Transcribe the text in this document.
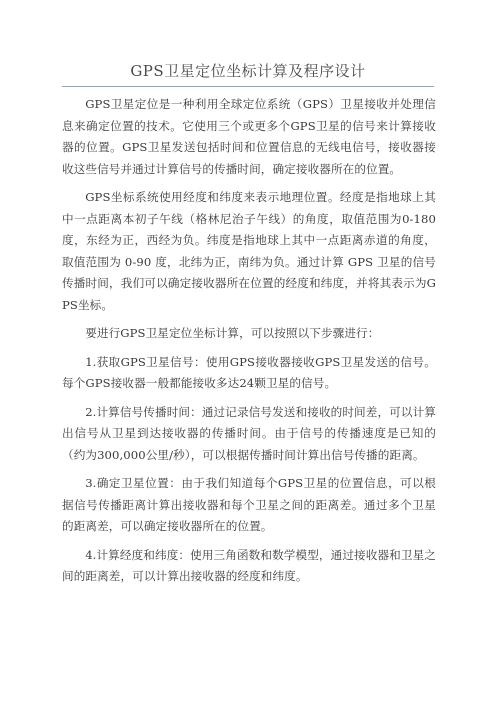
GPS卫星定位坐标计算及程序设计

GPS卫星定位是一种利用全球定位系统（GPS）卫星接收并处理信息来确定位置的技术。它使用三个或更多个GPS卫星的信号来计算接收器的位置。GPS卫星发送包括时间和位置信息的无线电信号，接收器接收这些信号并通过计算信号的传播时间，确定接收器所在的位置。

GPS坐标系统使用经度和纬度来表示地理位置。经度是指地球上其中一点距离本初子午线（格林尼治子午线）的角度，取值范围为0-180度，东经为正，西经为负。纬度是指地球上其中一点距离赤道的角度，取值范围为 0-90 度，北纬为正，南纬为负。通过计算 GPS 卫星的信号传播时间，我们可以确定接收器所在位置的经度和纬度，并将其表示为GPS坐标。

要进行GPS卫星定位坐标计算，可以按照以下步骤进行：

1.获取GPS卫星信号：使用GPS接收器接收GPS卫星发送的信号。每个GPS接收器一般都能接收多达24颗卫星的信号。

2.计算信号传播时间：通过记录信号发送和接收的时间差，可以计算出信号从卫星到达接收器的传播时间。由于信号的传播速度是已知的（约为300,000公里/秒），可以根据传播时间计算出信号传播的距离。

3.确定卫星位置：由于我们知道每个GPS卫星的位置信息，可以根据信号传播距离计算出接收器和每个卫星之间的距离差。通过多个卫星的距离差，可以确定接收器所在的位置。

4.计算经度和纬度：使用三角函数和数学模型，通过接收器和卫星之间的距离差，可以计算出接收器的经度和纬度。
